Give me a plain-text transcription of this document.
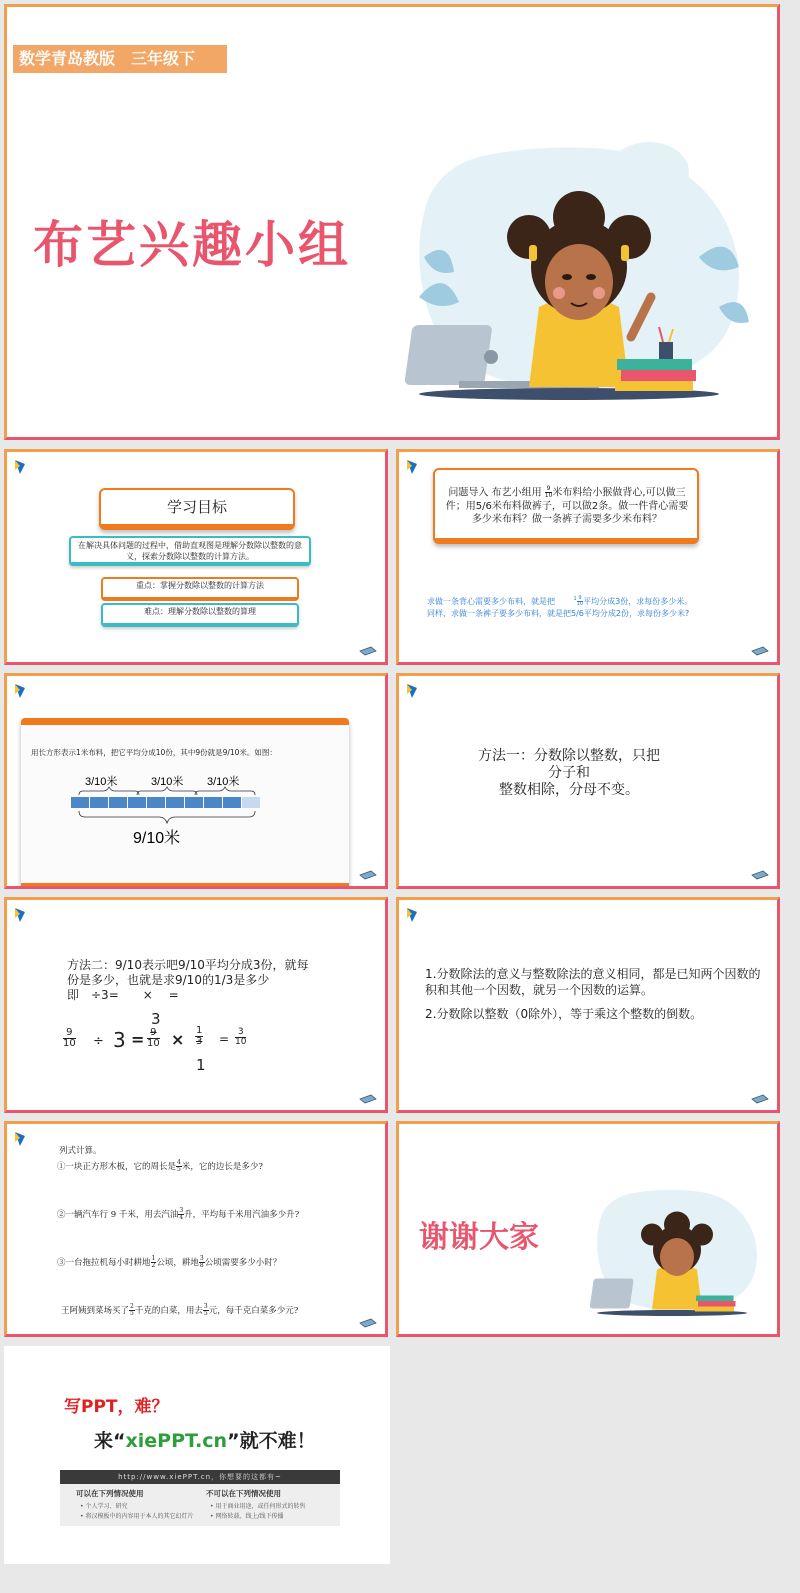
数学青岛教版　三年级下
布艺兴趣小组
学习目标
在解决具体问题的过程中，借助直观图是理解分数除以整数的意义，探索分数除以整数的计算方法。
重点：掌握分数除以整数的计算方法
难点：理解分数除以整数的算理
问题导入 布艺小组用 $\frac{9}{10}$ 米布料给小猴做背心,可以做三件；用5/6米布料做裤子，可以做2条。做一件背心需要多少米布料？做一条裤子需要多少米布料？
求做一条背心需要多少布料，就是把	$^1 \frac{9}{10}$ 平均分成3份，求每份多少米。
同样，求做一条裤子要多少布料，就是把5/6平均分成2份，求每份多少米?
用长方形表示1米布料，把它平均分成10份，其中9份就是9/10米。如图：
3/10米	3/10米 3/10米
9/10米
方法一：分数除以整数，只把
分子和
整数相除，分母不变。
方法二：9/10表示吧9/10平均分成3份，就每
份是多少，也就是求9/10的1/3是多少
即　÷3=　　×　 =
$\frac{9}{10} \div 3$ =
3
$\frac{9}{10} \times \frac{1}{3}$
1
= $\frac{3}{10}$
1.分数除法的意义与整数除法的意义相同，都是已知两个因数的积和其他一个因数，就另一个因数的运算。
2.分数除以整数（0除外），等于乘这个整数的倒数。
列式计算。
①一块正方形木板，它的周长是 $\frac{4}{5}$ 米，它的边长是多少?
②一辆汽车行 9 千米，用去汽油 $\frac{3}{4}$ 升，平均每千米用汽油多少升?
③一台拖拉机每小时耕地 $\frac{1}{2}$ 公顷，耕地 $\frac{3}{8}$ 公顷需要多少小时？
王阿姨到菜场买了 $\frac{2}{5}$ 千克的白菜，用去 $\frac{3}{5}$ 元，每千克白菜多少元?
谢谢大家
写PPT，难？
来“xiePPT.cn”就不难！
http://www.xiePPT.cn，你想要的这都有~
可以在下列情况使用
• 个人学习、研究
• 将汉模板中的内容用于本人的其它幻灯片
不可以在下列情况使用
• 用于商业用途，或任何形式的转售
• 网络转载、线上/线下传播
